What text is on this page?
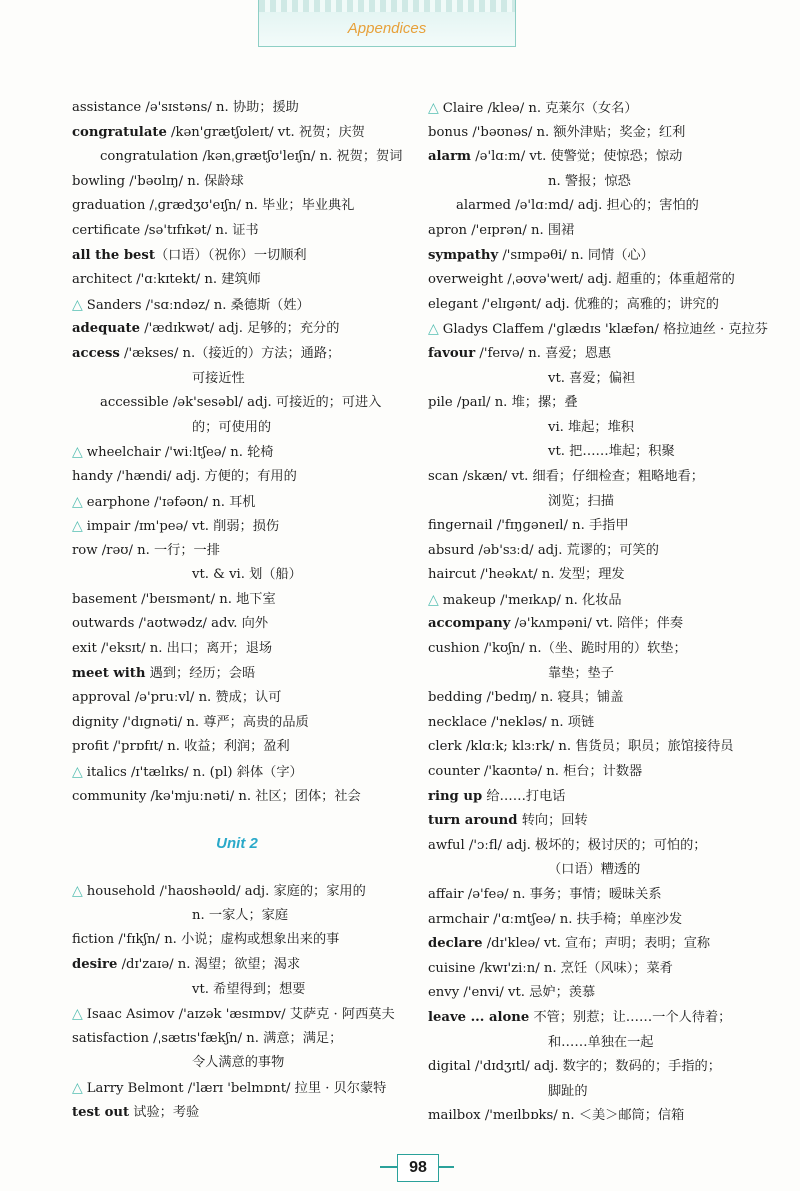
Appendices
assistance /ə'sɪstəns/ n. 协助；援助
congratulate /kən'ɡrætʃʊleɪt/ vt. 祝贺；庆贺
congratulation /kənˌɡrætʃʊ'leɪʃn/ n. 祝贺；贺词
bowling /'bəʊlɪŋ/ n. 保龄球
graduation /ˌɡrædʒʊ'eɪʃn/ n. 毕业；毕业典礼
certificate /sə'tɪfɪkət/ n. 证书
all the best（口语）（祝你）一切顺利
architect /'ɑːkɪtekt/ n. 建筑师
△ Sanders /'sɑːndəz/ n. 桑德斯（姓）
adequate /'ædɪkwət/ adj. 足够的；充分的
access /'ækses/ n.（接近的）方法；通路；
可接近性
accessible /ək'sesəbl/ adj. 可接近的；可进入
的；可使用的
△ wheelchair /'wiːltʃeə/ n. 轮椅
handy /'hændi/ adj. 方便的；有用的
△ earphone /'ɪəfəʊn/ n. 耳机
△ impair /ɪm'peə/ vt. 削弱；损伤
row /rəʊ/ n. 一行；一排
vt. & vi. 划（船）
basement /'beɪsmənt/ n. 地下室
outwards /'aʊtwədz/ adv. 向外
exit /'eksɪt/ n. 出口；离开；退场
meet with 遇到；经历；会晤
approval /ə'pruːvl/ n. 赞成；认可
dignity /'dɪɡnəti/ n. 尊严；高贵的品质
profit /'prɒfɪt/ n. 收益；利润；盈利
△ italics /ɪ'tælɪks/ n. (pl) 斜体（字）
community /kə'mjuːnəti/ n. 社区；团体；社会
Unit 2
△ household /'haʊshəʊld/ adj. 家庭的；家用的
n. 一家人；家庭
fiction /'fɪkʃn/ n. 小说；虚构或想象出来的事
desire /dɪ'zaɪə/ n. 渴望；欲望；渴求
vt. 希望得到；想要
△ Isaac Asimov /'aɪzək 'æsɪmɒv/ 艾萨克 · 阿西莫夫
satisfaction /ˌsætɪs'fækʃn/ n. 满意；满足；
令人满意的事物
△ Larry Belmont /'lærɪ 'belmɒnt/ 拉里 · 贝尔蒙特
test out 试验；考验
△ Claire /kleə/ n. 克莱尔（女名）
bonus /'bəʊnəs/ n. 额外津贴；奖金；红利
alarm /ə'lɑːm/ vt. 使警觉；使惊恐；惊动
n. 警报；惊恐
alarmed /ə'lɑːmd/ adj. 担心的；害怕的
apron /'eɪprən/ n. 围裙
sympathy /'sɪmpəθi/ n. 同情（心）
overweight /ˌəʊvə'weɪt/ adj. 超重的；体重超常的
elegant /'elɪɡənt/ adj. 优雅的；高雅的；讲究的
△ Gladys Claffem /'ɡlædɪs 'klæfən/ 格拉迪丝 · 克拉芬
favour /'feɪvə/ n. 喜爱；恩惠
vt. 喜爱；偏袒
pile /paɪl/ n. 堆；摞；叠
vi. 堆起；堆积
vt. 把……堆起；积聚
scan /skæn/ vt. 细看；仔细检查；粗略地看；
浏览；扫描
fingernail /'fɪŋɡəneɪl/ n. 手指甲
absurd /əb'sɜːd/ adj. 荒谬的；可笑的
haircut /'heəkʌt/ n. 发型；理发
△ makeup /'meɪkʌp/ n. 化妆品
accompany /ə'kʌmpəni/ vt. 陪伴；伴奏
cushion /'kʊʃn/ n.（坐、跪时用的）软垫；
靠垫；垫子
bedding /'bedɪŋ/ n. 寝具；铺盖
necklace /'nekləs/ n. 项链
clerk /klɑːk; klɜːrk/ n. 售货员；职员；旅馆接待员
counter /'kaʊntə/ n. 柜台；计数器
ring up 给……打电话
turn around 转向；回转
awful /'ɔːfl/ adj. 极坏的；极讨厌的；可怕的；
（口语）糟透的
affair /ə'feə/ n. 事务；事情；暧昧关系
armchair /'ɑːmtʃeə/ n. 扶手椅；单座沙发
declare /dɪ'kleə/ vt. 宣布；声明；表明；宣称
cuisine /kwɪ'ziːn/ n. 烹饪（风味）；菜肴
envy /'envi/ vt. 忌妒；羡慕
leave ... alone 不管；别惹；让……一个人待着；
和……单独在一起
digital /'dɪdʒɪtl/ adj. 数字的；数码的；手指的；
脚趾的
mailbox /'meɪlbɒks/ n. ＜美＞邮筒；信箱
98
